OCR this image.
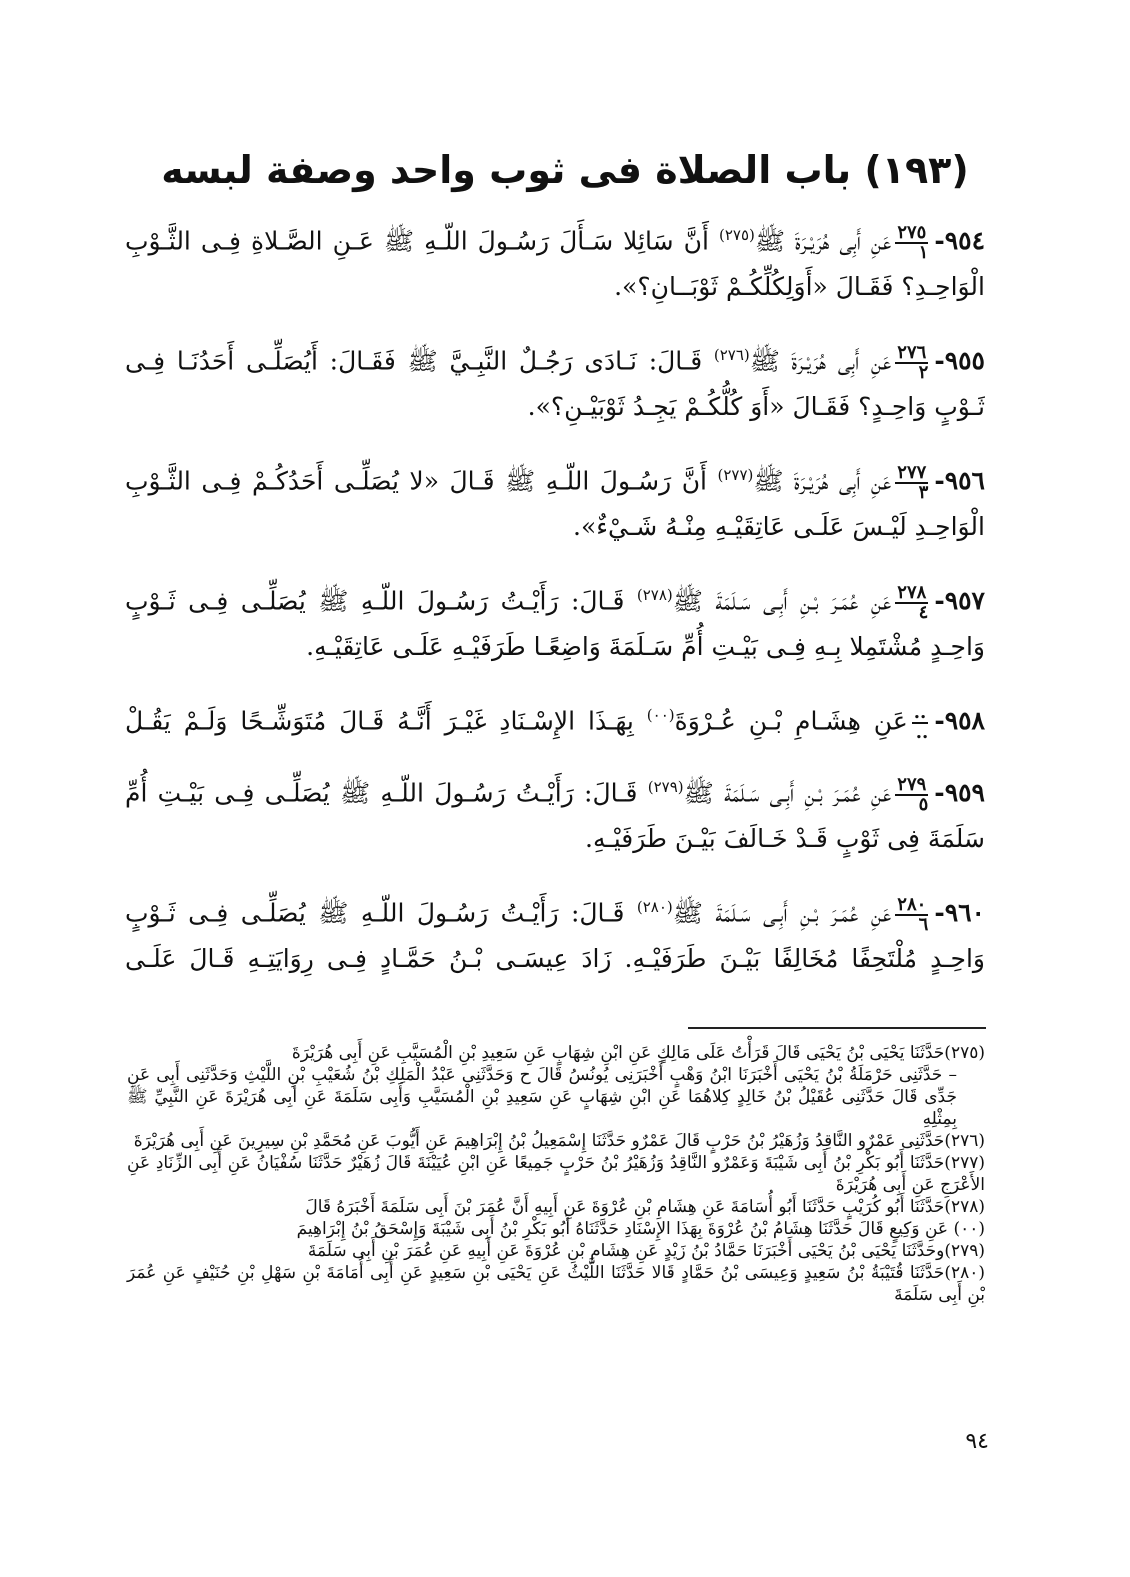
(١٩٣) باب الصلاة فى ثوب واحد وصفة لبسه

٩٥٤-
٢٧٥
١
عَنِ أَبِى هُرَيْـرَةَ ﷺ$^{(٢٧٥)}$ أَنَّ سَائِلا سَـأَلَ رَسُـولَ اللّـهِ ﷺ عَـنِ الصَّـلاةِ فِـى الثَّـوْبِ الْوَاحِـدِ؟ فَقَـالَ «أَوَلِكُلِّكُـمْ ثَوْبَــانِ؟».

٩٥٥-
٢٧٦
٢
عَنِ أَبِى هُرَيْـرَةَ ﷺ$^{(٢٧٦)}$ قَـالَ: نَـادَى رَجُـلٌ النَّبِـيَّ ﷺ فَقَـالَ: أَيُصَلِّـى أَحَدُنَـا فِـى ثَـوْبٍ وَاحِـدٍ؟ فَقَـالَ «أَوَ كُلُّكُـمْ يَجِـدُ ثَوْبَيْـنِ؟».

٩٥٦-
٢٧٧
٣
عَنِ أَبِى هُرَيْـرَةَ ﷺ$^{(٢٧٧)}$ أَنَّ رَسُـولَ اللّـهِ ﷺ قَـالَ «لا يُصَلِّـى أَحَدُكُـمْ فِـى الثَّـوْبِ الْوَاحِـدِ لَيْـسَ عَلَـى عَاتِقَيْـهِ مِنْـهُ شَـيْءٌ».

٩٥٧-
٢٧٨
٤
عَنِ عُمَـرَ بْـنِ أَبِـى سَـلَمَةَ ﷺ$^{(٢٧٨)}$ قَـالَ: رَأَيْـتُ رَسُـولَ اللّـهِ ﷺ يُصَلِّـى فِـى ثَـوْبٍ وَاحِـدٍ مُشْتَمِلا بِـهِ فِـى بَيْـتِ أُمِّ سَـلَمَةَ وَاضِعًـا طَرَفَيْـهِ عَلَـى عَاتِقَيْـهِ.

٩٥٨-
..
..
عَنِ هِشَـامِ بْـنِ عُـرْوَةَ$^{(٠٠)}$ بِهَـذَا الإِسْـنَادِ غَيْـرَ أَنَّـهُ قَـالَ مُتَوَشِّـحًا وَلَـمْ يَقُـلْ

٩٥٩-
٢٧٩
٥
عَنِ عُمَـرَ بْـنِ أَبِـى سَـلَمَةَ ﷺ$^{(٢٧٩)}$ قَـالَ: رَأَيْـتُ رَسُـولَ اللّـهِ ﷺ يُصَلِّـى فِـى بَيْـتِ أُمِّ سَلَمَةَ فِى ثَوْبٍ قَـدْ خَـالَفَ بَيْـنَ طَرَفَيْـهِ.

٩٦٠-
٢٨٠
٦
عَنِ عُمَـرَ بْـنِ أَبِـى سَـلَمَةَ ﷺ$^{(٢٨٠)}$ قَـالَ: رَأَيْـتُ رَسُـولَ اللّـهِ ﷺ يُصَلِّـى فِـى ثَـوْبٍ وَاحِـدٍ مُلْتَحِفًا مُخَالِفًا بَيْـنَ طَرَفَيْـهِ. زَادَ عِيسَـى بْـنُ حَمَّـادٍ فِـى رِوَايَتِـهِ قَـالَ عَلَـى

(٢٧٥)حَدَّثَنَا يَحْيَى بْنُ يَحْيَى قَالَ قَرَأْتُ عَلَى مَالِكٍ عَنِ ابْنِ شِهَابٍ عَنِ سَعِيدِ بْنِ الْمُسَيَّبِ عَنِ أَبِى هُرَيْرَةَ

– حَدَّثَنِى حَرْمَلَةُ بْنُ يَحْيَى أَخْبَرَنَا ابْنُ وَهْبٍ أَخْبَرَنِى يُونُسُ قَالَ ح وَحَدَّثَنِى عَبْدُ الْمَلِكِ بْنُ شُعَيْبِ بْنِ اللَّيْثِ وَحَدَّثَنِى أَبِى عَنِ جَدِّى قَالَ حَدَّثَنِى عُقَيْلُ بْنُ خَالِدٍ كِلاهُمَا عَنِ ابْنِ شِهَابٍ عَنِ سَعِيدِ بْنِ الْمُسَيَّبِ وَأَبِى سَلَمَةَ عَنِ أَبِى هُرَيْرَةَ عَنِ النَّبِيِّ ﷺ بِمِثْلِهِ

(٢٧٦)حَدَّثَنِى عَمْرٌو النَّاقِدُ وَزُهَيْرُ بْنُ حَرْبٍ قَالَ عَمْرٌو حَدَّثَنَا إِسْمَعِيلُ بْنُ إِبْرَاهِيمَ عَنِ أَيُّوبَ عَنِ مُحَمَّدِ بْنِ سِيرِينَ عَنِ أَبِى هُرَيْرَةَ

(٢٧٧)حَدَّثَنَا أَبُو بَكْرِ بْنُ أَبِى شَيْبَةَ وَعَمْرٌو النَّاقِدُ وَزُهَيْرُ بْنُ حَرْبٍ جَمِيعًا عَنِ ابْنِ عُيَيْنَةَ قَالَ زُهَيْرٌ حَدَّثَنَا سُفْيَانُ عَنِ أَبِى الزِّنَادِ عَنِ الأَعْرَجِ عَنِ أَبِى هُرَيْرَةَ

(٢٧٨)حَدَّثَنَا أَبُو كُرَيْبٍ حَدَّثَنَا أَبُو أُسَامَةَ عَنِ هِشَامِ بْنِ عُرْوَةَ عَنِ أَبِيهِ أَنَّ عُمَرَ بْنَ أَبِى سَلَمَةَ أَخْبَرَهُ قَالَ

(٠٠) عَنِ وَكِيعٍ قَالَ حَدَّثَنَا هِشَامُ بْنُ عُرْوَةَ بِهَذَا الإِسْنَادِ حَدَّثَنَاهُ أَبُو بَكْرِ بْنُ أَبِى شَيْبَةَ وَإِسْحَقُ بْنُ إِبْرَاهِيمَ

(٢٧٩)وحَدَّثَنَا يَحْيَى بْنُ يَحْيَى أَخْبَرَنَا حَمَّادُ بْنُ زَيْدٍ عَنِ هِشَامِ بْنِ عُرْوَةَ عَنِ أَبِيهِ عَنِ عُمَرَ بْنِ أَبِى سَلَمَةَ

(٢٨٠)حَدَّثَنَا قُتَيْبَةُ بْنُ سَعِيدٍ وَعِيسَى بْنُ حَمَّادٍ قَالا حَدَّثَنَا اللَّيْثُ عَنِ يَحْيَى بْنِ سَعِيدٍ عَنِ أَبِى أُمَامَةَ بْنِ سَهْلِ بْنِ حُنَيْفٍ عَنِ عُمَرَ بْنِ أَبِى سَلَمَةَ

٩٤
